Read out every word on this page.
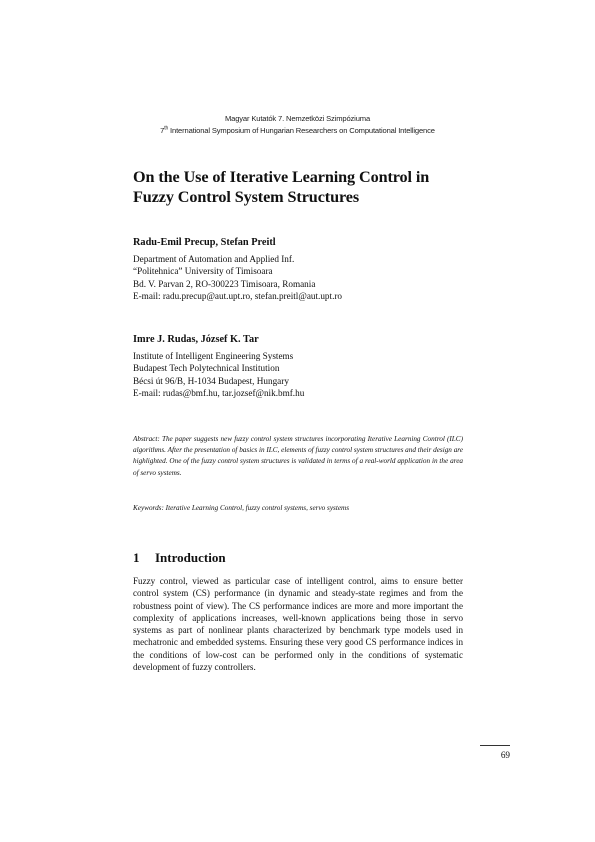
Magyar Kutatók 7. Nemzetközi Szimpóziuma
7th International Symposium of Hungarian Researchers on Computational Intelligence
On the Use of Iterative Learning Control in
Fuzzy Control System Structures

Radu-Emil Precup, Stefan Preitl

Department of Automation and Applied Inf.
“Politehnica” University of Timisoara
Bd. V. Parvan 2, RO-300223 Timisoara, Romania
E-mail: radu.precup@aut.upt.ro, stefan.preitl@aut.upt.ro

Imre J. Rudas, József K. Tar

Institute of Intelligent Engineering Systems
Budapest Tech Polytechnical Institution
Bécsi út 96/B, H-1034 Budapest, Hungary
E-mail: rudas@bmf.hu, tar.jozsef@nik.bmf.hu

Abstract: The paper suggests new fuzzy control system structures incorporating Iterative Learning Control (ILC) algorithms. After the presentation of basics in ILC, elements of fuzzy control system structures and their design are highlighted. One of the fuzzy control system structures is validated in terms of a real-world application in the area of servo systems.

Keywords: Iterative Learning Control, fuzzy control systems, servo systems

1 Introduction

Fuzzy control, viewed as particular case of intelligent control, aims to ensure better control system (CS) performance (in dynamic and steady-state regimes and from the robustness point of view). The CS performance indices are more and more important the complexity of applications increases, well-known applications being those in servo systems as part of nonlinear plants characterized by benchmark type models used in mechatronic and embedded systems. Ensuring these very good CS performance indices in the conditions of low-cost can be performed only in the conditions of systematic development of fuzzy controllers.

69
